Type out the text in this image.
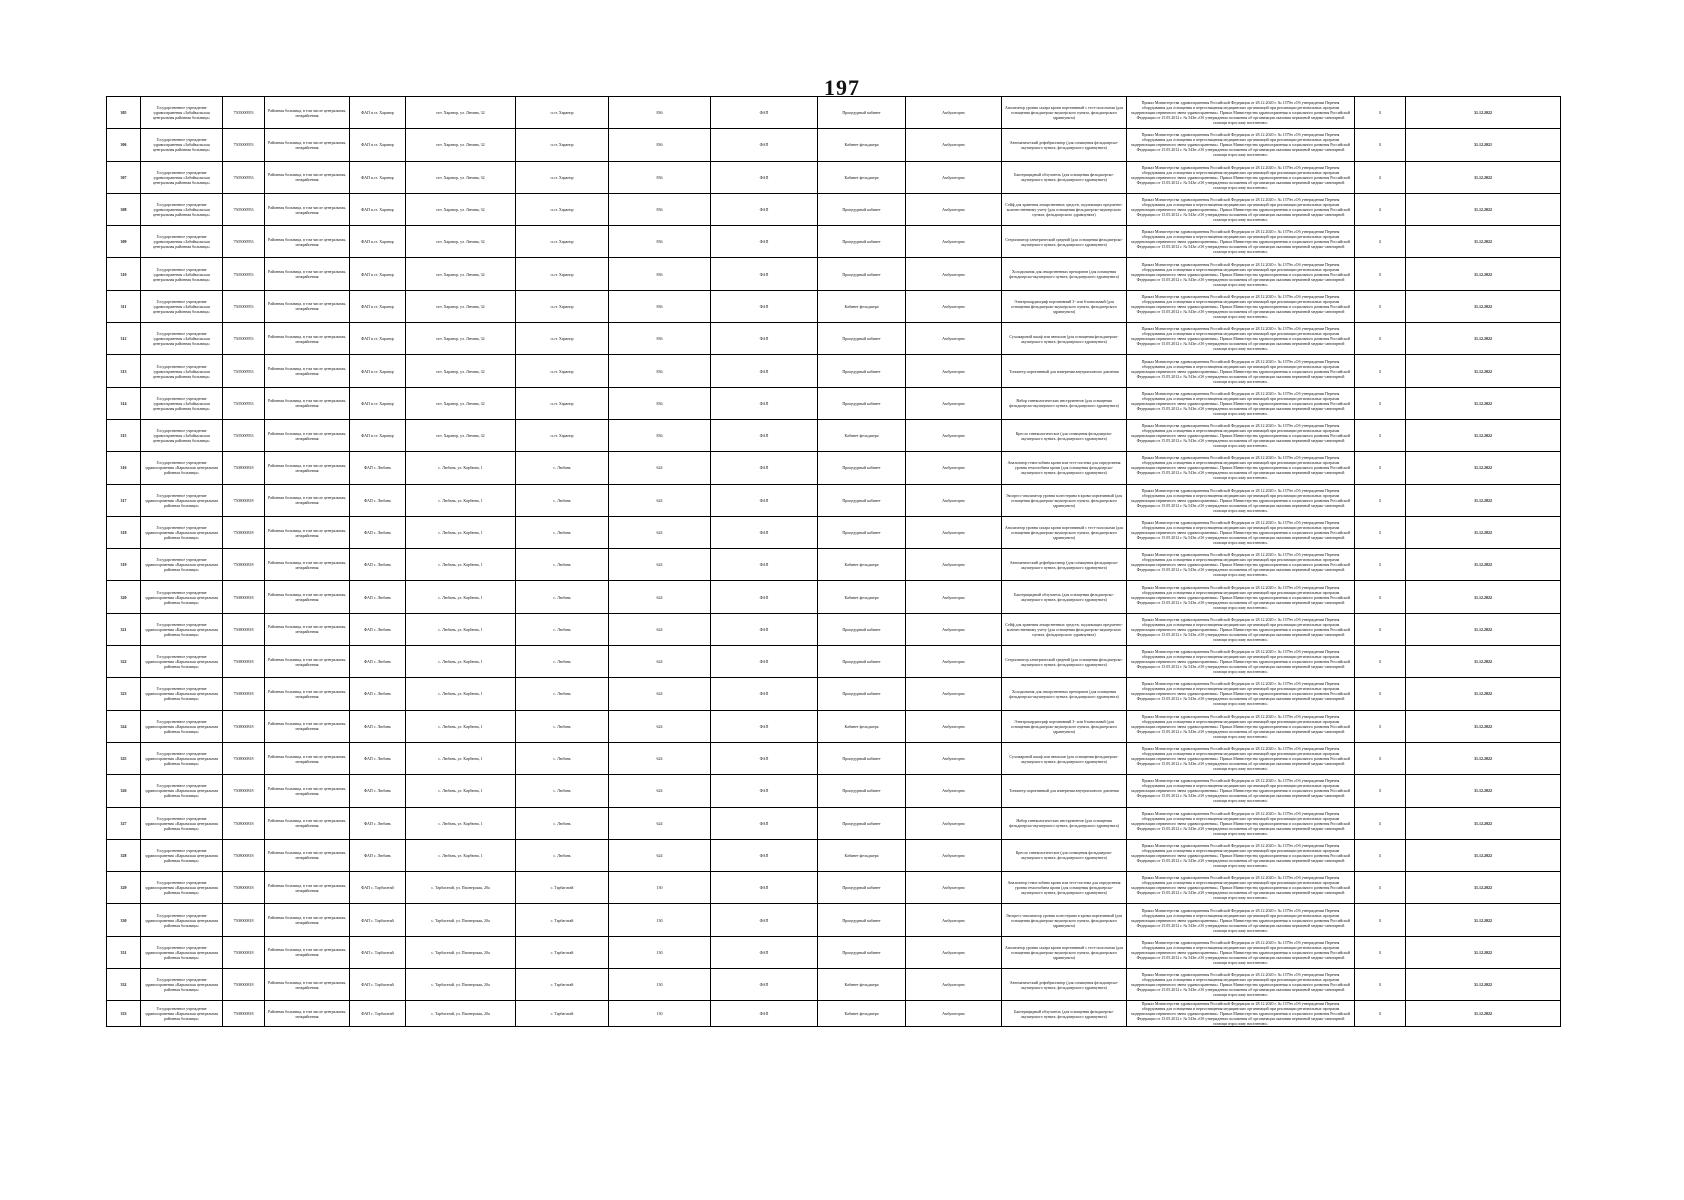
197
305	Государственное учреждение здравоохранения «Забайкальская центральная районная больница»	7505000953	Районная больница, в том числе центральная, межрайонная	ФАП п.ст. Харанор	пгт. Харанор, ул. Ленина, 32	п.ст. Харанор	836	ФАП	Процедурный кабинет	Амбулаторно	Анализатор уровня сахара крови портативный с тест-полосками (для оснащения фельдшерско-акушерского пункта, фельдшерского здравпункта)	Приказ Министерства здравоохранения Российской Федерации от 28.12.2020 г. № 1379н «Об утверждении Перечня оборудования для оснащения и переоснащения медицинских организаций при реализации региональных программ модернизации первичного звена здравоохранения». Приказ Министерства здравоохранения и социального развития Российской Федерации от 15.05.2012 г. № 543н «Об утверждении положения об организации оказания первичной медико-санитарной помощи взрослому населению»	1	31.12.2022
306	Государственное учреждение здравоохранения «Забайкальская центральная районная больница»	7505000953	Районная больница, в том числе центральная, межрайонная	ФАП п.ст. Харанор	пгт. Харанор, ул. Ленина, 32	п.ст. Харанор	836	ФАП	Кабинет фельдшера	Амбулаторно	Автоматический дефибриллятор (для оснащения фельдшерско-акушерского пункта, фельдшерского здравпункта)	Приказ Министерства здравоохранения Российской Федерации от 28.12.2020 г. № 1379н «Об утверждении Перечня оборудования для оснащения и переоснащения медицинских организаций при реализации региональных программ модернизации первичного звена здравоохранения». Приказ Министерства здравоохранения и социального развития Российской Федерации от 15.05.2012 г. № 543н «Об утверждении положения об организации оказания первичной медико-санитарной помощи взрослому населению»	1	31.12.2021
307	Государственное учреждение здравоохранения «Забайкальская центральная районная больница»	7505000953	Районная больница, в том числе центральная, межрайонная	ФАП п.ст. Харанор	пгт. Харанор, ул. Ленина, 32	п.ст. Харанор	836	ФАП	Кабинет фельдшера	Амбулаторно	Бактерицидный облучатель (для оснащения фельдшерско-акушерского пункта, фельдшерского здравпункта)	Приказ Министерства здравоохранения Российской Федерации от 28.12.2020 г. № 1379н «Об утверждении Перечня оборудования для оснащения и переоснащения медицинских организаций при реализации региональных программ модернизации первичного звена здравоохранения». Приказ Министерства здравоохранения и социального развития Российской Федерации от 15.05.2012 г. № 543н «Об утверждении положения об организации оказания первичной медико-санитарной помощи взрослому населению»	1	31.12.2022
308	Государственное учреждение здравоохранения «Забайкальская центральная районная больница»	7505000953	Районная больница, в том числе центральная, межрайонная	ФАП п.ст. Харанор	пгт. Харанор, ул. Ленина, 32	п.ст. Харанор	836	ФАП	Процедурный кабинет	Амбулаторно	Сейф для хранения лекарственных средств, подлежащих предметно-количественному учету (для оснащения фельдшерско-акушерского пункта, фельдшерского здравпункта)	Приказ Министерства здравоохранения Российской Федерации от 28.12.2020 г. № 1379н «Об утверждении Перечня оборудования для оснащения и переоснащения медицинских организаций при реализации региональных программ модернизации первичного звена здравоохранения». Приказ Министерства здравоохранения и социального развития Российской Федерации от 15.05.2012 г. № 543н «Об утверждении положения об организации оказания первичной медико-санитарной помощи взрослому населению»	1	31.12.2022
309	Государственное учреждение здравоохранения «Забайкальская центральная районная больница»	7505000953	Районная больница, в том числе центральная, межрайонная	ФАП п.ст. Харанор	пгт. Харанор, ул. Ленина, 32	п.ст. Харанор	836	ФАП	Процедурный кабинет	Амбулаторно	Стерилизатор электрический средний (для оснащения фельдшерско-акушерского пункта, фельдшерского здравпункта)	Приказ Министерства здравоохранения Российской Федерации от 28.12.2020 г. № 1379н «Об утверждении Перечня оборудования для оснащения и переоснащения медицинских организаций при реализации региональных программ модернизации первичного звена здравоохранения». Приказ Министерства здравоохранения и социального развития Российской Федерации от 15.05.2012 г. № 543н «Об утверждении положения об организации оказания первичной медико-санитарной помощи взрослому населению»	1	31.12.2022
310	Государственное учреждение здравоохранения «Забайкальская центральная районная больница»	7505000953	Районная больница, в том числе центральная, межрайонная	ФАП п.ст. Харанор	пгт. Харанор, ул. Ленина, 32	п.ст. Харанор	836	ФАП	Процедурный кабинет	Амбулаторно	Холодильник для лекарственных препаратов (для оснащения фельдшерско-акушерского пункта, фельдшерского здравпункта)	Приказ Министерства здравоохранения Российской Федерации от 28.12.2020 г. № 1379н «Об утверждении Перечня оборудования для оснащения и переоснащения медицинских организаций при реализации региональных программ модернизации первичного звена здравоохранения». Приказ Министерства здравоохранения и социального развития Российской Федерации от 15.05.2012 г. № 543н «Об утверждении положения об организации оказания первичной медико-санитарной помощи взрослому населению»	1	31.12.2022
311	Государственное учреждение здравоохранения «Забайкальская центральная районная больница»	7505000953	Районная больница, в том числе центральная, межрайонная	ФАП п.ст. Харанор	пгт. Харанор, ул. Ленина, 32	п.ст. Харанор	836	ФАП	Кабинет фельдшера	Амбулаторно	Электрокардиограф портативный 3- или 6-канальный (для оснащения фельдшерско-акушерского пункта, фельдшерского здравпункта)	Приказ Министерства здравоохранения Российской Федерации от 28.12.2020 г. № 1379н «Об утверждении Перечня оборудования для оснащения и переоснащения медицинских организаций при реализации региональных программ модернизации первичного звена здравоохранения». Приказ Министерства здравоохранения и социального развития Российской Федерации от 15.05.2012 г. № 543н «Об утверждении положения об организации оказания первичной медико-санитарной помощи взрослому населению»	1	31.12.2022
312	Государственное учреждение здравоохранения «Забайкальская центральная районная больница»	7505000953	Районная больница, в том числе центральная, межрайонная	ФАП п.ст. Харанор	пгт. Харанор, ул. Ленина, 32	п.ст. Харанор	836	ФАП	Процедурный кабинет	Амбулаторно	Сухожаровой шкаф или автоклав (для оснащения фельдшерско-акушерского пункта, фельдшерского здравпункта)	Приказ Министерства здравоохранения Российской Федерации от 28.12.2020 г. № 1379н «Об утверждении Перечня оборудования для оснащения и переоснащения медицинских организаций при реализации региональных программ модернизации первичного звена здравоохранения». Приказ Министерства здравоохранения и социального развития Российской Федерации от 15.05.2012 г. № 543н «Об утверждении положения об организации оказания первичной медико-санитарной помощи взрослому населению»	1	31.12.2022
313	Государственное учреждение здравоохранения «Забайкальская центральная районная больница»	7505000953	Районная больница, в том числе центральная, межрайонная	ФАП п.ст. Харанор	пгт. Харанор, ул. Ленина, 32	п.ст. Харанор	836	ФАП	Процедурный кабинет	Амбулаторно	Тонометр портативный для измерения внутриглазного давления	Приказ Министерства здравоохранения Российской Федерации от 28.12.2020 г. № 1379н «Об утверждении Перечня оборудования для оснащения и переоснащения медицинских организаций при реализации региональных программ модернизации первичного звена здравоохранения». Приказ Министерства здравоохранения и социального развития Российской Федерации от 15.05.2012 г. № 543н «Об утверждении положения об организации оказания первичной медико-санитарной помощи взрослому населению»	1	31.12.2022
314	Государственное учреждение здравоохранения «Забайкальская центральная районная больница»	7505000953	Районная больница, в том числе центральная, межрайонная	ФАП п.ст. Харанор	пгт. Харанор, ул. Ленина, 32	п.ст. Харанор	836	ФАП	Процедурный кабинет	Амбулаторно	Набор гинекологических инструментов (для оснащения фельдшерско-акушерского пункта, фельдшерского здравпункта)	Приказ Министерства здравоохранения Российской Федерации от 28.12.2020 г. № 1379н «Об утверждении Перечня оборудования для оснащения и переоснащения медицинских организаций при реализации региональных программ модернизации первичного звена здравоохранения». Приказ Министерства здравоохранения и социального развития Российской Федерации от 15.05.2012 г. № 543н «Об утверждении положения об организации оказания первичной медико-санитарной помощи взрослому населению»	1	31.12.2022
315	Государственное учреждение здравоохранения «Забайкальская центральная районная больница»	7505000953	Районная больница, в том числе центральная, межрайонная	ФАП п.ст. Харанор	пгт. Харанор, ул. Ленина, 32	п.ст. Харанор	836	ФАП	Кабинет фельдшера	Амбулаторно	Кресло гинекологическое (для оснащения фельдшерско-акушерского пункта, фельдшерского здравпункта)	Приказ Министерства здравоохранения Российской Федерации от 28.12.2020 г. № 1379н «Об утверждении Перечня оборудования для оснащения и переоснащения медицинских организаций при реализации региональных программ модернизации первичного звена здравоохранения». Приказ Министерства здравоохранения и социального развития Российской Федерации от 15.05.2012 г. № 543н «Об утверждении положения об организации оказания первичной медико-санитарной помощи взрослому населению»	1	31.12.2022
316	Государственное учреждение здравоохранения «Карымская центральная районная больница»	7508000818	Районная больница, в том числе центральная, межрайонная	ФАП с. Любань	с. Любань, ул. Карбюна, 1	с. Любань	624	ФАП	Процедурный кабинет	Амбулаторно	Анализатор гемоглобина крови или тест-система для определения уровня гемоглобина крови (для оснащения фельдшерско-акушерского пункта, фельдшерского здравпункта)	Приказ Министерства здравоохранения Российской Федерации от 28.12.2020 г. № 1379н «Об утверждении Перечня оборудования для оснащения и переоснащения медицинских организаций при реализации региональных программ модернизации первичного звена здравоохранения». Приказ Министерства здравоохранения и социального развития Российской Федерации от 15.05.2012 г. № 543н «Об утверждении положения об организации оказания первичной медико-санитарной помощи взрослому населению»	1	31.12.2022
317	Государственное учреждение здравоохранения «Карымская центральная районная больница»	7508000818	Районная больница, в том числе центральная, межрайонная	ФАП с. Любань	с. Любань, ул. Карбюна, 1	с. Любань	624	ФАП	Процедурный кабинет	Амбулаторно	Экспресс-анализатор уровня холестерина в крови портативный (для оснащения фельдшерско-акушерского пункта, фельдшерского здравпункта)	Приказ Министерства здравоохранения Российской Федерации от 28.12.2020 г. № 1379н «Об утверждении Перечня оборудования для оснащения и переоснащения медицинских организаций при реализации региональных программ модернизации первичного звена здравоохранения». Приказ Министерства здравоохранения и социального развития Российской Федерации от 15.05.2012 г. № 543н «Об утверждении положения об организации оказания первичной медико-санитарной помощи взрослому населению»	1	31.12.2022
318	Государственное учреждение здравоохранения «Карымская центральная районная больница»	7508000818	Районная больница, в том числе центральная, межрайонная	ФАП с. Любань	с. Любань, ул. Карбюна, 1	с. Любань	624	ФАП	Процедурный кабинет	Амбулаторно	Анализатор уровня сахара крови портативный с тест-полосками (для оснащения фельдшерско-акушерского пункта, фельдшерского здравпункта)	Приказ Министерства здравоохранения Российской Федерации от 28.12.2020 г. № 1379н «Об утверждении Перечня оборудования для оснащения и переоснащения медицинских организаций при реализации региональных программ модернизации первичного звена здравоохранения». Приказ Министерства здравоохранения и социального развития Российской Федерации от 15.05.2012 г. № 543н «Об утверждении положения об организации оказания первичной медико-санитарной помощи взрослому населению»	1	31.12.2022
319	Государственное учреждение здравоохранения «Карымская центральная районная больница»	7508000818	Районная больница, в том числе центральная, межрайонная	ФАП с. Любань	с. Любань, ул. Карбюна, 1	с. Любань	624	ФАП	Кабинет фельдшера	Амбулаторно	Автоматический дефибриллятор (для оснащения фельдшерско-акушерского пункта, фельдшерского здравпункта)	Приказ Министерства здравоохранения Российской Федерации от 28.12.2020 г. № 1379н «Об утверждении Перечня оборудования для оснащения и переоснащения медицинских организаций при реализации региональных программ модернизации первичного звена здравоохранения». Приказ Министерства здравоохранения и социального развития Российской Федерации от 15.05.2012 г. № 543н «Об утверждении положения об организации оказания первичной медико-санитарной помощи взрослому населению»	1	31.12.2022
320	Государственное учреждение здравоохранения «Карымская центральная районная больница»	7508000818	Районная больница, в том числе центральная, межрайонная	ФАП с. Любань	с. Любань, ул. Карбюна, 1	с. Любань	624	ФАП	Кабинет фельдшера	Амбулаторно	Бактерицидный облучатель (для оснащения фельдшерско-акушерского пункта, фельдшерского здравпункта)	Приказ Министерства здравоохранения Российской Федерации от 28.12.2020 г. № 1379н «Об утверждении Перечня оборудования для оснащения и переоснащения медицинских организаций при реализации региональных программ модернизации первичного звена здравоохранения». Приказ Министерства здравоохранения и социального развития Российской Федерации от 15.05.2012 г. № 543н «Об утверждении положения об организации оказания первичной медико-санитарной помощи взрослому населению»	1	31.12.2022
321	Государственное учреждение здравоохранения «Карымская центральная районная больница»	7508000818	Районная больница, в том числе центральная, межрайонная	ФАП с. Любань	с. Любань, ул. Карбюна, 1	с. Любань	624	ФАП	Процедурный кабинет	Амбулаторно	Сейф для хранения лекарственных средств, подлежащих предметно-количественному учету (для оснащения фельдшерско-акушерского пункта, фельдшерского здравпункта)	Приказ Министерства здравоохранения Российской Федерации от 28.12.2020 г. № 1379н «Об утверждении Перечня оборудования для оснащения и переоснащения медицинских организаций при реализации региональных программ модернизации первичного звена здравоохранения». Приказ Министерства здравоохранения и социального развития Российской Федерации от 15.05.2012 г. № 543н «Об утверждении положения об организации оказания первичной медико-санитарной помощи взрослому населению»	1	31.12.2022
322	Государственное учреждение здравоохранения «Карымская центральная районная больница»	7508000818	Районная больница, в том числе центральная, межрайонная	ФАП с. Любань	с. Любань, ул. Карбюна, 1	с. Любань	624	ФАП	Процедурный кабинет	Амбулаторно	Стерилизатор электрический средний (для оснащения фельдшерско-акушерского пункта, фельдшерского здравпункта)	Приказ Министерства здравоохранения Российской Федерации от 28.12.2020 г. № 1379н «Об утверждении Перечня оборудования для оснащения и переоснащения медицинских организаций при реализации региональных программ модернизации первичного звена здравоохранения». Приказ Министерства здравоохранения и социального развития Российской Федерации от 15.05.2012 г. № 543н «Об утверждении положения об организации оказания первичной медико-санитарной помощи взрослому населению»	1	31.12.2022
323	Государственное учреждение здравоохранения «Карымская центральная районная больница»	7508000818	Районная больница, в том числе центральная, межрайонная	ФАП с. Любань	с. Любань, ул. Карбюна, 1	с. Любань	624	ФАП	Процедурный кабинет	Амбулаторно	Холодильник для лекарственных препаратов (для оснащения фельдшерско-акушерского пункта, фельдшерского здравпункта)	Приказ Министерства здравоохранения Российской Федерации от 28.12.2020 г. № 1379н «Об утверждении Перечня оборудования для оснащения и переоснащения медицинских организаций при реализации региональных программ модернизации первичного звена здравоохранения». Приказ Министерства здравоохранения и социального развития Российской Федерации от 15.05.2012 г. № 543н «Об утверждении положения об организации оказания первичной медико-санитарной помощи взрослому населению»	1	31.12.2022
324	Государственное учреждение здравоохранения «Карымская центральная районная больница»	7508000818	Районная больница, в том числе центральная, межрайонная	ФАП с. Любань	с. Любань, ул. Карбюна, 1	с. Любань	624	ФАП	Кабинет фельдшера	Амбулаторно	Электрокардиограф портативный 3- или 6-канальный (для оснащения фельдшерско-акушерского пункта, фельдшерского здравпункта)	Приказ Министерства здравоохранения Российской Федерации от 28.12.2020 г. № 1379н «Об утверждении Перечня оборудования для оснащения и переоснащения медицинских организаций при реализации региональных программ модернизации первичного звена здравоохранения». Приказ Министерства здравоохранения и социального развития Российской Федерации от 15.05.2012 г. № 543н «Об утверждении положения об организации оказания первичной медико-санитарной помощи взрослому населению»	1	31.12.2022
325	Государственное учреждение здравоохранения «Карымская центральная районная больница»	7508000818	Районная больница, в том числе центральная, межрайонная	ФАП с. Любань	с. Любань, ул. Карбюна, 1	с. Любань	624	ФАП	Процедурный кабинет	Амбулаторно	Сухожаровой шкаф или автоклав (для оснащения фельдшерско-акушерского пункта, фельдшерского здравпункта)	Приказ Министерства здравоохранения Российской Федерации от 28.12.2020 г. № 1379н «Об утверждении Перечня оборудования для оснащения и переоснащения медицинских организаций при реализации региональных программ модернизации первичного звена здравоохранения». Приказ Министерства здравоохранения и социального развития Российской Федерации от 15.05.2012 г. № 543н «Об утверждении положения об организации оказания первичной медико-санитарной помощи взрослому населению»	1	31.12.2022
326	Государственное учреждение здравоохранения «Карымская центральная районная больница»	7508000818	Районная больница, в том числе центральная, межрайонная	ФАП с. Любань	с. Любань, ул. Карбюна, 1	с. Любань	624	ФАП	Процедурный кабинет	Амбулаторно	Тонометр портативный для измерения внутриглазного давления	Приказ Министерства здравоохранения Российской Федерации от 28.12.2020 г. № 1379н «Об утверждении Перечня оборудования для оснащения и переоснащения медицинских организаций при реализации региональных программ модернизации первичного звена здравоохранения». Приказ Министерства здравоохранения и социального развития Российской Федерации от 15.05.2012 г. № 543н «Об утверждении положения об организации оказания первичной медико-санитарной помощи взрослому населению»	1	31.12.2022
327	Государственное учреждение здравоохранения «Карымская центральная районная больница»	7508000818	Районная больница, в том числе центральная, межрайонная	ФАП с. Любань	с. Любань, ул. Карбюна, 1	с. Любань	624	ФАП	Процедурный кабинет	Амбулаторно	Набор гинекологических инструментов (для оснащения фельдшерско-акушерского пункта, фельдшерского здравпункта)	Приказ Министерства здравоохранения Российской Федерации от 28.12.2020 г. № 1379н «Об утверждении Перечня оборудования для оснащения и переоснащения медицинских организаций при реализации региональных программ модернизации первичного звена здравоохранения». Приказ Министерства здравоохранения и социального развития Российской Федерации от 15.05.2012 г. № 543н «Об утверждении положения об организации оказания первичной медико-санитарной помощи взрослому населению»	1	31.12.2022
328	Государственное учреждение здравоохранения «Карымская центральная районная больница»	7508000818	Районная больница, в том числе центральная, межрайонная	ФАП с. Любань	с. Любань, ул. Карбюна, 1	с. Любань	624	ФАП	Кабинет фельдшера	Амбулаторно	Кресло гинекологическое (для оснащения фельдшерско-акушерского пункта, фельдшерского здравпункта)	Приказ Министерства здравоохранения Российской Федерации от 28.12.2020 г. № 1379н «Об утверждении Перечня оборудования для оснащения и переоснащения медицинских организаций при реализации региональных программ модернизации первичного звена здравоохранения». Приказ Министерства здравоохранения и социального развития Российской Федерации от 15.05.2012 г. № 543н «Об утверждении положения об организации оказания первичной медико-санитарной помощи взрослому населению»	1	31.12.2022
329	Государственное учреждение здравоохранения «Карымская центральная районная больница»	7508000818	Районная больница, в том числе центральная, межрайонная	ФАП с. Тарбагатай	с. Тарбагатай, ул. Пионерская, 20а	с. Тарбагатай	130	ФАП	Процедурный кабинет	Амбулаторно	Анализатор гемоглобина крови или тест-система для определения уровня гемоглобина крови (для оснащения фельдшерско-акушерского пункта, фельдшерского здравпункта)	Приказ Министерства здравоохранения Российской Федерации от 28.12.2020 г. № 1379н «Об утверждении Перечня оборудования для оснащения и переоснащения медицинских организаций при реализации региональных программ модернизации первичного звена здравоохранения». Приказ Министерства здравоохранения и социального развития Российской Федерации от 15.05.2012 г. № 543н «Об утверждении положения об организации оказания первичной медико-санитарной помощи взрослому населению»	1	31.12.2022
330	Государственное учреждение здравоохранения «Карымская центральная районная больница»	7508000818	Районная больница, в том числе центральная, межрайонная	ФАП с. Тарбагатай	с. Тарбагатай, ул. Пионерская, 20а	с. Тарбагатай	130	ФАП	Процедурный кабинет	Амбулаторно	Экспресс-анализатор уровня холестерина в крови портативный (для оснащения фельдшерско-акушерского пункта, фельдшерского здравпункта)	Приказ Министерства здравоохранения Российской Федерации от 28.12.2020 г. № 1379н «Об утверждении Перечня оборудования для оснащения и переоснащения медицинских организаций при реализации региональных программ модернизации первичного звена здравоохранения». Приказ Министерства здравоохранения и социального развития Российской Федерации от 15.05.2012 г. № 543н «Об утверждении положения об организации оказания первичной медико-санитарной помощи взрослому населению»	1	31.12.2022
331	Государственное учреждение здравоохранения «Карымская центральная районная больница»	7508000818	Районная больница, в том числе центральная, межрайонная	ФАП с. Тарбагатай	с. Тарбагатай, ул. Пионерская, 20а	с. Тарбагатай	130	ФАП	Процедурный кабинет	Амбулаторно	Анализатор уровня сахара крови портативный с тест-полосками (для оснащения фельдшерско-акушерского пункта, фельдшерского здравпункта)	Приказ Министерства здравоохранения Российской Федерации от 28.12.2020 г. № 1379н «Об утверждении Перечня оборудования для оснащения и переоснащения медицинских организаций при реализации региональных программ модернизации первичного звена здравоохранения». Приказ Министерства здравоохранения и социального развития Российской Федерации от 15.05.2012 г. № 543н «Об утверждении положения об организации оказания первичной медико-санитарной помощи взрослому населению»	1	31.12.2022
332	Государственное учреждение здравоохранения «Карымская центральная районная больница»	7508000818	Районная больница, в том числе центральная, межрайонная	ФАП с. Тарбагатай	с. Тарбагатай, ул. Пионерская, 20а	с. Тарбагатай	130	ФАП	Кабинет фельдшера	Амбулаторно	Автоматический дефибриллятор (для оснащения фельдшерско-акушерского пункта, фельдшерского здравпункта)	Приказ Министерства здравоохранения Российской Федерации от 28.12.2020 г. № 1379н «Об утверждении Перечня оборудования для оснащения и переоснащения медицинских организаций при реализации региональных программ модернизации первичного звена здравоохранения». Приказ Министерства здравоохранения и социального развития Российской Федерации от 15.05.2012 г. № 543н «Об утверждении положения об организации оказания первичной медико-санитарной помощи взрослому населению»	1	31.12.2022
333	Государственное учреждение здравоохранения «Карымская центральная районная больница»	7508000818	Районная больница, в том числе центральная, межрайонная	ФАП с. Тарбагатай	с. Тарбагатай, ул. Пионерская, 20а	с. Тарбагатай	130	ФАП	Кабинет фельдшера	Амбулаторно	Бактерицидный облучатель (для оснащения фельдшерско-акушерского пункта, фельдшерского здравпункта)	Приказ Министерства здравоохранения Российской Федерации от 28.12.2020 г. № 1379н «Об утверждении Перечня оборудования для оснащения и переоснащения медицинских организаций при реализации региональных программ модернизации первичного звена здравоохранения». Приказ Министерства здравоохранения и социального развития Российской Федерации от 15.05.2012 г. № 543н «Об утверждении положения об организации оказания первичной медико-санитарной помощи взрослому населению»	1	31.12.2022
